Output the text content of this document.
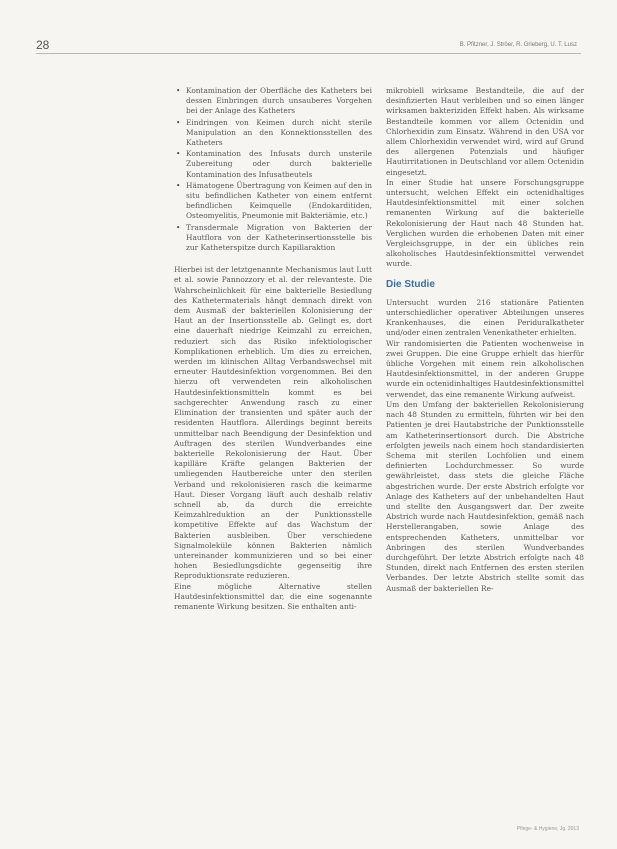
28	B. Pfitzner, J. Ströer, R. Grieberg, U. T. Lusz
• Kontamination der Oberfläche des Katheters bei dessen Einbringen durch unsauberes Vorgehen bei der Anlage des Katheters
• Eindringen von Keimen durch nicht sterile Manipulation an den Konnektionsstellen des Katheters
• Kontamination des Infusats durch unsterile Zubereitung oder durch bakterielle Kontamination des Infusatbeutels
• Hämatogene Übertragung von Keimen auf den in situ befindlichen Katheter von einem entfernt befindlichen Keimquelle (Endokarditiden, Osteomyelitis, Pneumonie mit Bakteriämie, etc.)
• Transdermale Migration von Bakterien der Hautflora von der Katheterinsertionsstelle bis zur Katheterspitze durch Kapillaraktion

Hierbei ist der letztgenannte Mechanismus laut Lutt et al. sowie Pannozzory et al. der relevanteste. Die Wahrscheinlichkeit für eine bakterielle Besiedlung des Kathetermaterials hängt demnach direkt von dem Ausmaß der bakteriellen Kolonisierung der Haut an der Insertionsstelle ab. Gelingt es, dort eine dauerhaft niedrige Keimzahl zu erreichen, reduziert sich das Risiko infektiologischer Komplikationen erheblich. Um dies zu erreichen, werden im klinischen Alltag Verbandswechsel mit erneuter Hautdesinfektion vorgenommen. Bei den hierzu oft verwendeten rein alkoholischen Hautdesinfektionsmitteln kommt es bei sachgerechter Anwendung rasch zu einer Elimination der transienten und später auch der residenten Hautflora. Allerdings beginnt bereits unmittelbar nach Beendigung der Desinfektion und Auftragen des sterilen Wundverbandes eine bakterielle Rekolonisierung der Haut. Über kapilläre Kräfte gelangen Bakterien der umliegenden Hautbereiche unter den sterilen Verband und rekolonisieren rasch die keimarme Haut. Dieser Vorgang läuft auch deshalb relativ schnell ab, da durch die erreichte Keimzahlreduktion an der Punktionsstelle kompetitive Effekte auf das Wachstum der Bakterien ausbleiben. Über verschiedene Signalmoleküle können Bakterien nämlich untereinander kommunizieren und so bei einer hohen Besiedlungsdichte gegenseitig ihre Reproduktionsrate reduzieren.

Eine mögliche Alternative stellen Hautdesinfektionsmittel dar, die eine sogenannte remanente Wirkung besitzen. Sie enthalten anti-

mikrobiell wirksame Bestandteile, die auf der desinfizierten Haut verbleiben und so einen länger wirksamen bakteriziden Effekt haben. Als wirksame Bestandteile kommen vor allem Octenidin und Chlorhexidin zum Einsatz. Während in den USA vor allem Chlorhexidin verwendet wird, wird auf Grund des allergenen Potenzials und häufiger Hautirritationen in Deutschland vor allem Octenidin eingesetzt.

In einer Studie hat unsere Forschungsgruppe untersucht, welchen Effekt ein octenidhaltiges Hautdesinfektionsmittel mit einer solchen remanenten Wirkung auf die bakterielle Rekolonisierung der Haut nach 48 Stunden hat. Verglichen wurden die erhobenen Daten mit einer Vergleichsgruppe, in der ein übliches rein alkoholisches Hautdesinfektionsmittel verwendet wurde.

Die Studie

Untersucht wurden 216 stationäre Patienten unterschiedlicher operativer Abteilungen unseres Krankenhauses, die einen Periduralkatheter und/oder einen zentralen Venenkatheter erhielten.

Wir randomisierten die Patienten wochenweise in zwei Gruppen. Die eine Gruppe erhielt das hierfür übliche Vorgehen mit einem rein alkoholischen Hautdesinfektionsmittel, in der anderen Gruppe wurde ein octenidinhaltiges Hautdesinfektionsmittel verwendet, das eine remanente Wirkung aufweist.

Um den Umfang der bakteriellen Rekolonisierung nach 48 Stunden zu ermitteln, führten wir bei den Patienten je drei Hautabstriche der Punktionsstelle am Katheterinsertionsort durch. Die Abstriche erfolgten jeweils nach einem hoch standardisierten Schema mit sterilen Lochfolien und einem definierten Lochdurchmesser. So wurde gewährleistet, dass stets die gleiche Fläche abgestrichen wurde. Der erste Abstrich erfolgte vor Anlage des Katheters auf der unbehandelten Haut und stellte den Ausgangswert dar. Der zweite Abstrich wurde nach Hautdesinfektion, gemäß nach Herstellerangaben, sowie Anlage des entsprechenden Katheters, unmittelbar vor Anbringen des sterilen Wundverbandes durchgeführt. Der letzte Abstrich erfolgte nach 48 Stunden, direkt nach Entfernen des ersten sterilen Verbandes. Der letzte Abstrich stellte somit das Ausmaß der bakteriellen Re-

Pflege- & Hygiene, Jg. 2013
